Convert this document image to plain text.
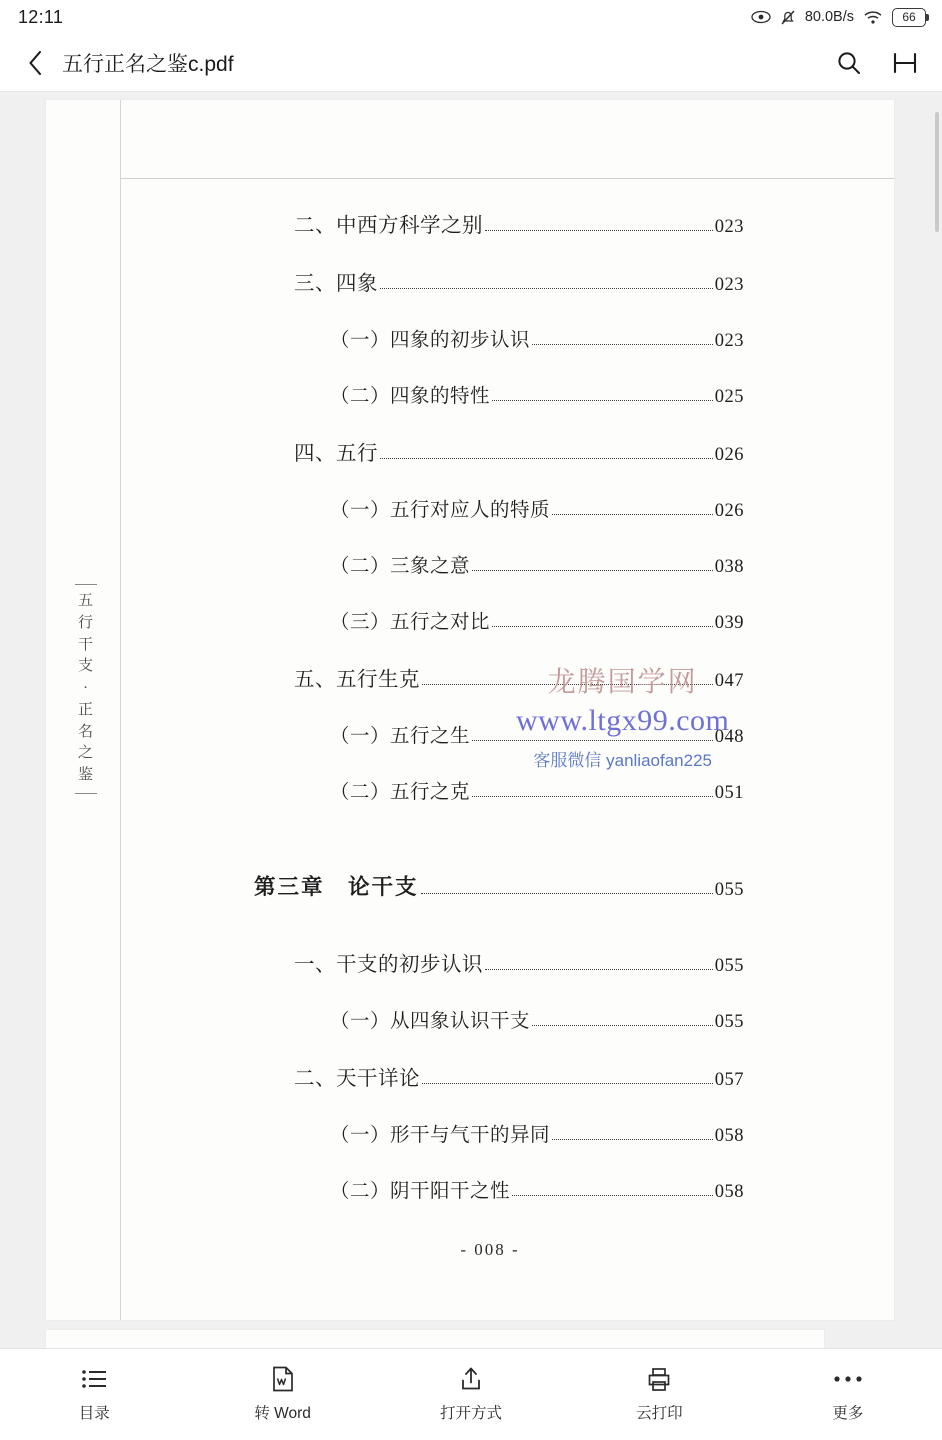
12:11	80.0B/s	66
五行正名之鉴c.pdf
五
行
干
支
·
正
名
之
鉴
二、中西方科学之别	023
三、四象	023
（一）四象的初步认识	023
（二）四象的特性	025
四、五行	026
（一）五行对应人的特质	026
（二）三象之意	038
（三）五行之对比	039
五、五行生克	047
（一）五行之生	048
（二）五行之克	051
第三章　论干支	055
一、干支的初步认识	055
（一）从四象认识干支	055
二、天干详论	057
（一）形干与气干的异同	058
（二）阴干阳干之性	058
龙腾国学网
www.ltgx99.com
客服微信 yanliaofan225
- 008 -
目录	转 Word	打开方式	云打印	更多
